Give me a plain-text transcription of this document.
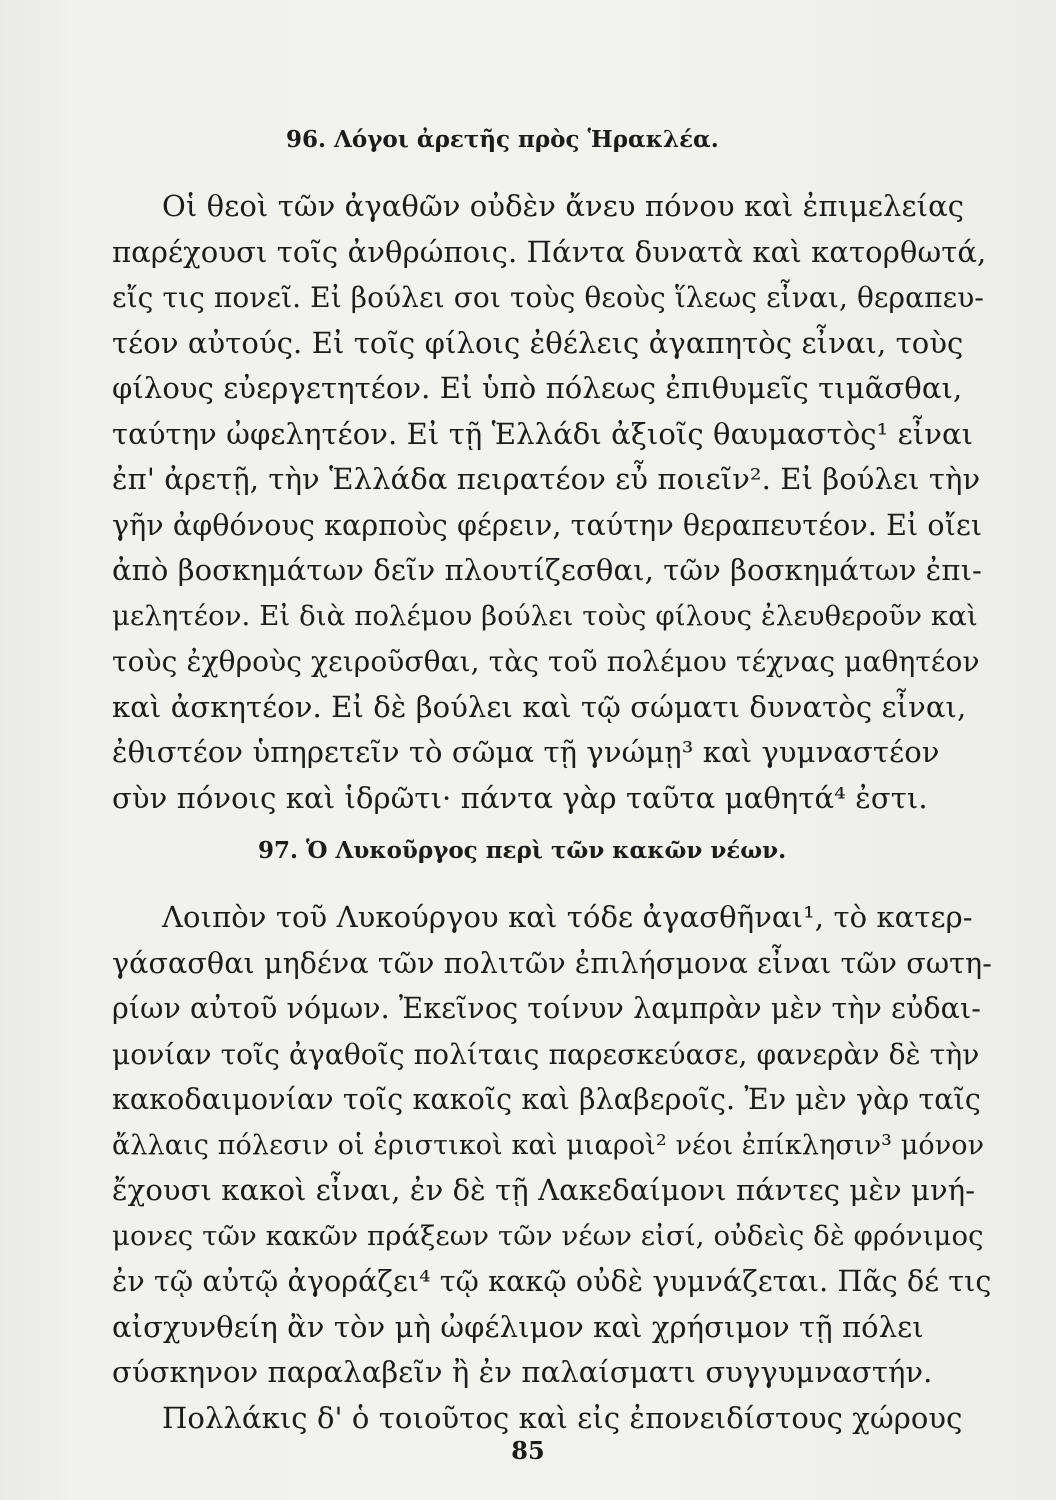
96. Λόγοι ἀρετῆς πρὸς Ἡρακλέα.

Οἱ θεοὶ τῶν ἀγαθῶν οὐδὲν ἄνευ πόνου καὶ ἐπιμελείας

παρέχουσι τοῖς ἀνθρώποις. Πάντα δυνατὰ καὶ κατορθωτά,

εἴς τις πονεῖ. Εἰ βούλει σοι τοὺς θεοὺς ἵλεως εἶναι, θεραπευ-

τέον αὐτούς. Εἰ τοῖς φίλοις ἐθέλεις ἀγαπητὸς εἶναι, τοὺς

φίλους εὐεργετητέον. Εἰ ὑπὸ πόλεως ἐπιθυμεῖς τιμᾶσθαι,

ταύτην ὠφελητέον. Εἰ τῇ Ἑλλάδι ἀξιοῖς θαυμαστὸς¹ εἶναι

ἐπ' ἀρετῇ, τὴν Ἑλλάδα πειρατέον εὖ ποιεῖν². Εἰ βούλει τὴν

γῆν ἀφθόνους καρποὺς φέρειν, ταύτην θεραπευτέον. Εἰ οἴει

ἀπὸ βοσκημάτων δεῖν πλουτίζεσθαι, τῶν βοσκημάτων ἐπι-

μελητέον. Εἰ διὰ πολέμου βούλει τοὺς φίλους ἐλευθεροῦν καὶ

τοὺς ἐχθροὺς χειροῦσθαι, τὰς τοῦ πολέμου τέχνας μαθητέον

καὶ ἀσκητέον. Εἰ δὲ βούλει καὶ τῷ σώματι δυνατὸς εἶναι,

ἐθιστέον ὑπηρετεῖν τὸ σῶμα τῇ γνώμῃ³ καὶ γυμναστέον

σὺν πόνοις καὶ ἱδρῶτι· πάντα γὰρ ταῦτα μαθητά⁴ ἐστι.

97. Ὁ Λυκοῦργος περὶ τῶν κακῶν νέων.

Λοιπὸν τοῦ Λυκούργου καὶ τόδε ἀγασθῆναι¹, τὸ κατερ-

γάσασθαι μηδένα τῶν πολιτῶν ἐπιλήσμονα εἶναι τῶν σωτη-

ρίων αὐτοῦ νόμων. Ἐκεῖνος τοίνυν λαμπρὰν μὲν τὴν εὐδαι-

μονίαν τοῖς ἀγαθοῖς πολίταις παρεσκεύασε, φανερὰν δὲ τὴν

κακοδαιμονίαν τοῖς κακοῖς καὶ βλαβεροῖς. Ἐν μὲν γὰρ ταῖς

ἄλλαις πόλεσιν οἱ ἐριστικοὶ καὶ μιαροὶ² νέοι ἐπίκλησιν³ μόνον

ἔχουσι κακοὶ εἶναι, ἐν δὲ τῇ Λακεδαίμονι πάντες μὲν μνή-

μονες τῶν κακῶν πράξεων τῶν νέων εἰσί, οὐδεὶς δὲ φρόνιμος

ἐν τῷ αὐτῷ ἀγοράζει⁴ τῷ κακῷ οὐδὲ γυμνάζεται. Πᾶς δέ τις

αἰσχυνθείη ἂν τὸν μὴ ὠφέλιμον καὶ χρήσιμον τῇ πόλει

σύσκηνον παραλαβεῖν ἢ ἐν παλαίσματι συγγυμναστήν.

Πολλάκις δ' ὁ τοιοῦτος καὶ εἰς ἐπονειδίστους χώρους

85
